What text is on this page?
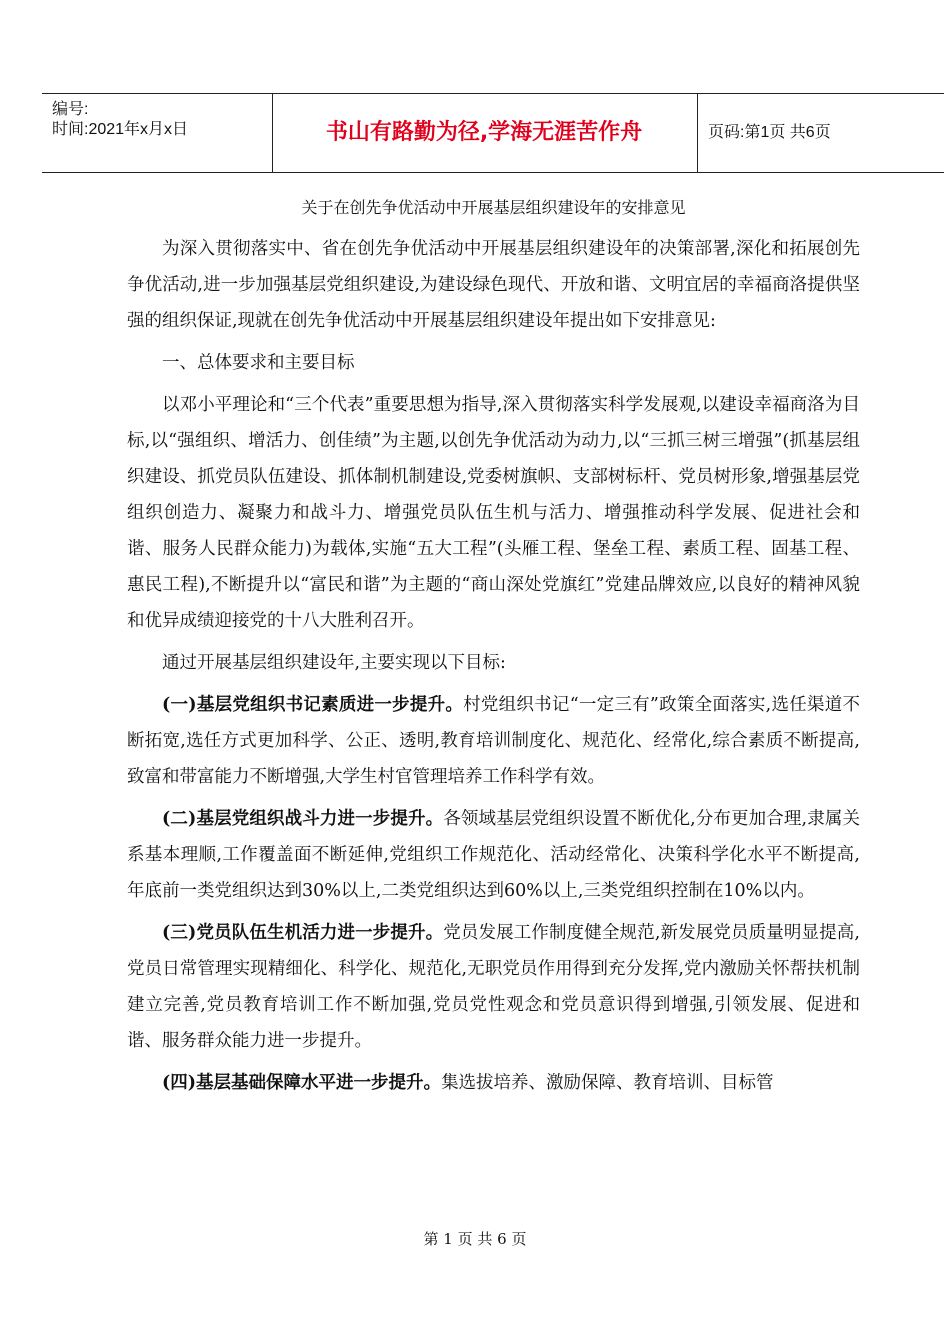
编号:
时间:2021年x月x日	书山有路勤为径,学海无涯苦作舟	页码:第1页 共6页
关于在创先争优活动中开展基层组织建设年的安排意见

为深入贯彻落实中、省在创先争优活动中开展基层组织建设年的决策部署,深化和拓展创先争优活动,进一步加强基层党组织建设,为建设绿色现代、开放和谐、文明宜居的幸福商洛提供坚强的组织保证,现就在创先争优活动中开展基层组织建设年提出如下安排意见:

一、总体要求和主要目标

以邓小平理论和“三个代表”重要思想为指导,深入贯彻落实科学发展观,以建设幸福商洛为目标,以“强组织、增活力、创佳绩”为主题,以创先争优活动为动力,以“三抓三树三增强”(抓基层组织建设、抓党员队伍建设、抓体制机制建设,党委树旗帜、支部树标杆、党员树形象,增强基层党组织创造力、凝聚力和战斗力、增强党员队伍生机与活力、增强推动科学发展、促进社会和谐、服务人民群众能力)为载体,实施“五大工程”(头雁工程、堡垒工程、素质工程、固基工程、惠民工程),不断提升以“富民和谐”为主题的“商山深处党旗红”党建品牌效应,以良好的精神风貌和优异成绩迎接党的十八大胜利召开。

通过开展基层组织建设年,主要实现以下目标:

(一)基层党组织书记素质进一步提升。村党组织书记“一定三有”政策全面落实,选任渠道不断拓宽,选任方式更加科学、公正、透明,教育培训制度化、规范化、经常化,综合素质不断提高,致富和带富能力不断增强,大学生村官管理培养工作科学有效。

(二)基层党组织战斗力进一步提升。各领域基层党组织设置不断优化,分布更加合理,隶属关系基本理顺,工作覆盖面不断延伸,党组织工作规范化、活动经常化、决策科学化水平不断提高,年底前一类党组织达到30%以上,二类党组织达到60%以上,三类党组织控制在10%以内。

(三)党员队伍生机活力进一步提升。党员发展工作制度健全规范,新发展党员质量明显提高,党员日常管理实现精细化、科学化、规范化,无职党员作用得到充分发挥,党内激励关怀帮扶机制建立完善,党员教育培训工作不断加强,党员党性观念和党员意识得到增强,引领发展、促进和谐、服务群众能力进一步提升。

(四)基层基础保障水平进一步提升。集选拔培养、激励保障、教育培训、目标管

第 1 页 共 6 页
